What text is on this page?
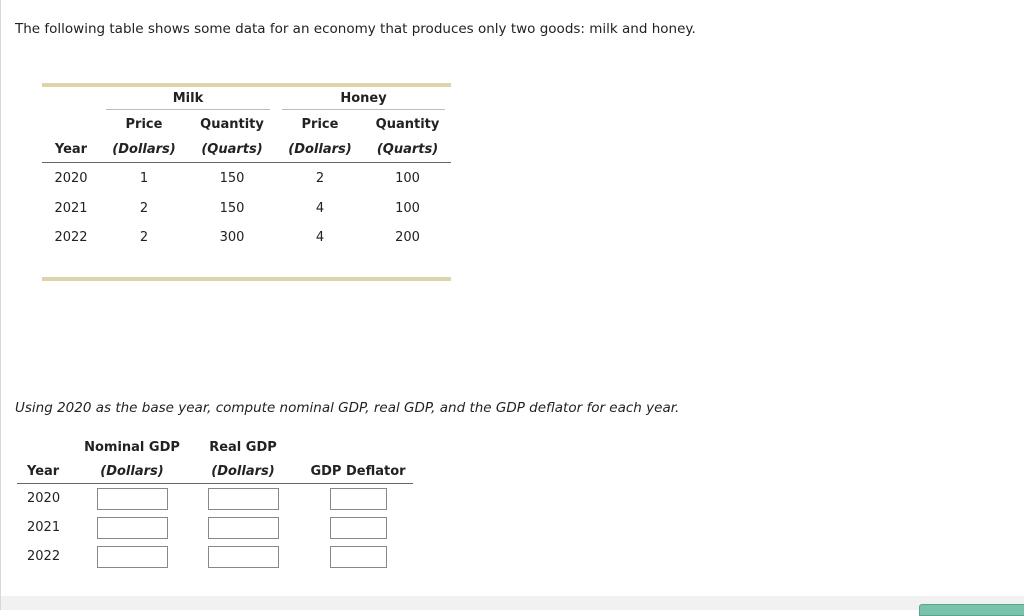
The following table shows some data for an economy that produces only two goods: milk and honey.

	Milk		Honey	

	Price	Quantity	Price	Quantity
Year	(Dollars)	(Quarts)	(Dollars)	(Quarts)
2020	1	150	2	100
2021	2	150	4	100
2022	2	300	4	200

Using 2020 as the base year, compute nominal GDP, real GDP, and the GDP deflator for each year.
	Nominal GDP	Real GDP	
Year	(Dollars)	(Dollars)	GDP Deflator
2020			
2021			
2022			
